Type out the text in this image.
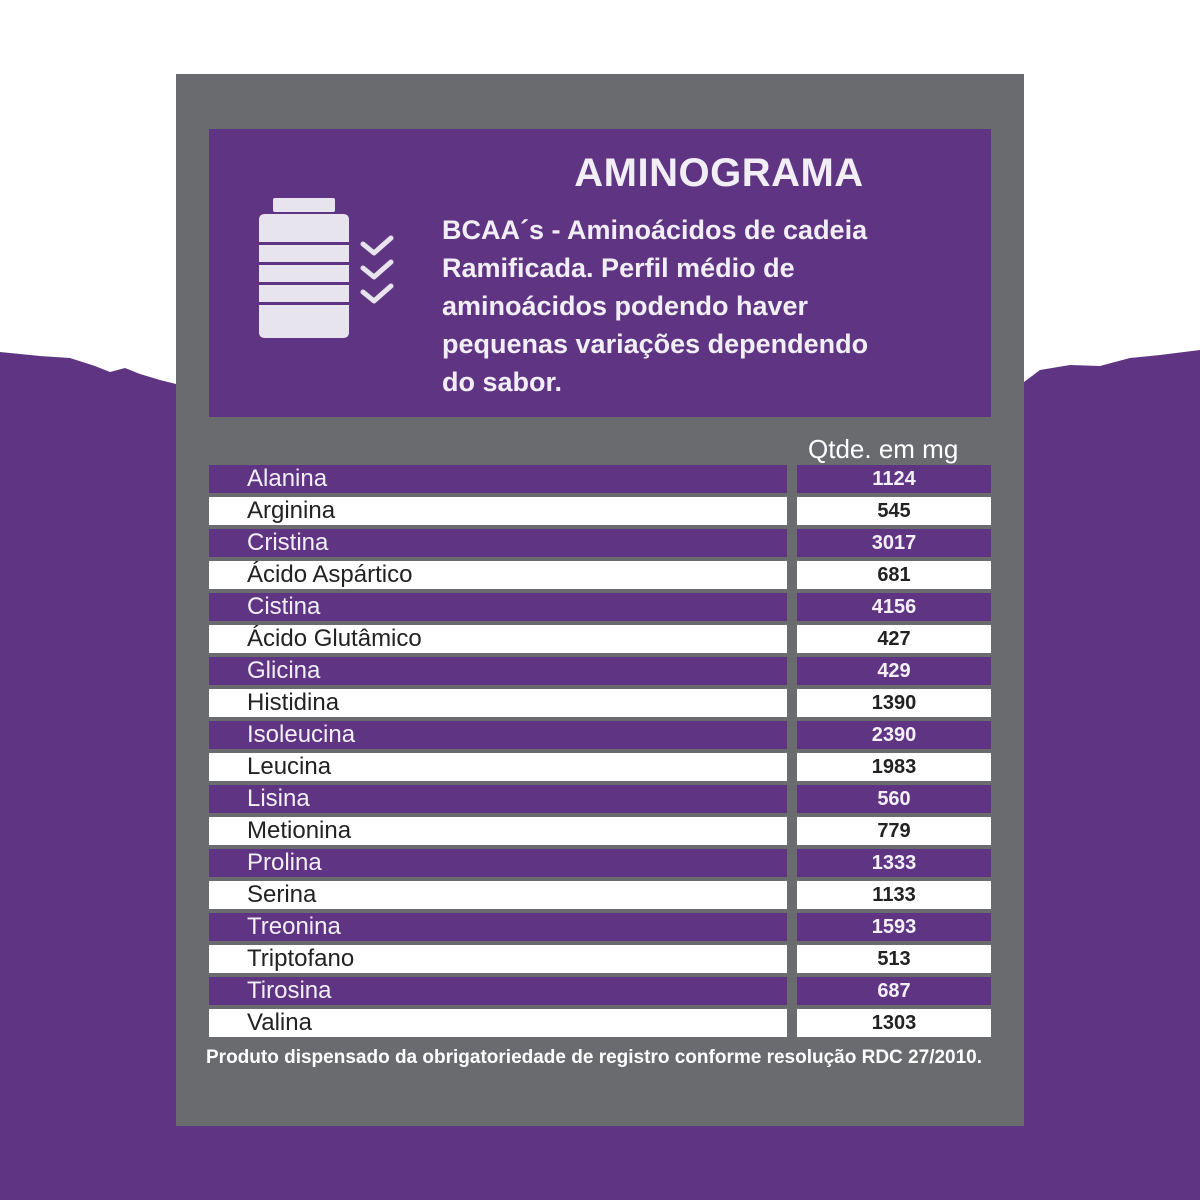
AMINOGRAMA
BCAA´s - Aminoácidos de cadeia
Ramificada. Perfil médio de
aminoácidos podendo haver
pequenas variações dependendo
do sabor.
Qtde. em mg
Alanina	1124
Arginina	545
Cristina	3017
Ácido Aspártico	681
Cistina	4156
Ácido Glutâmico	427
Glicina	429
Histidina	1390
Isoleucina	2390
Leucina	1983
Lisina	560
Metionina	779
Prolina	1333
Serina	1133
Treonina	1593
Triptofano	513
Tirosina	687
Valina	1303
Produto dispensado da obrigatoriedade de registro conforme resolução RDC 27/2010.
